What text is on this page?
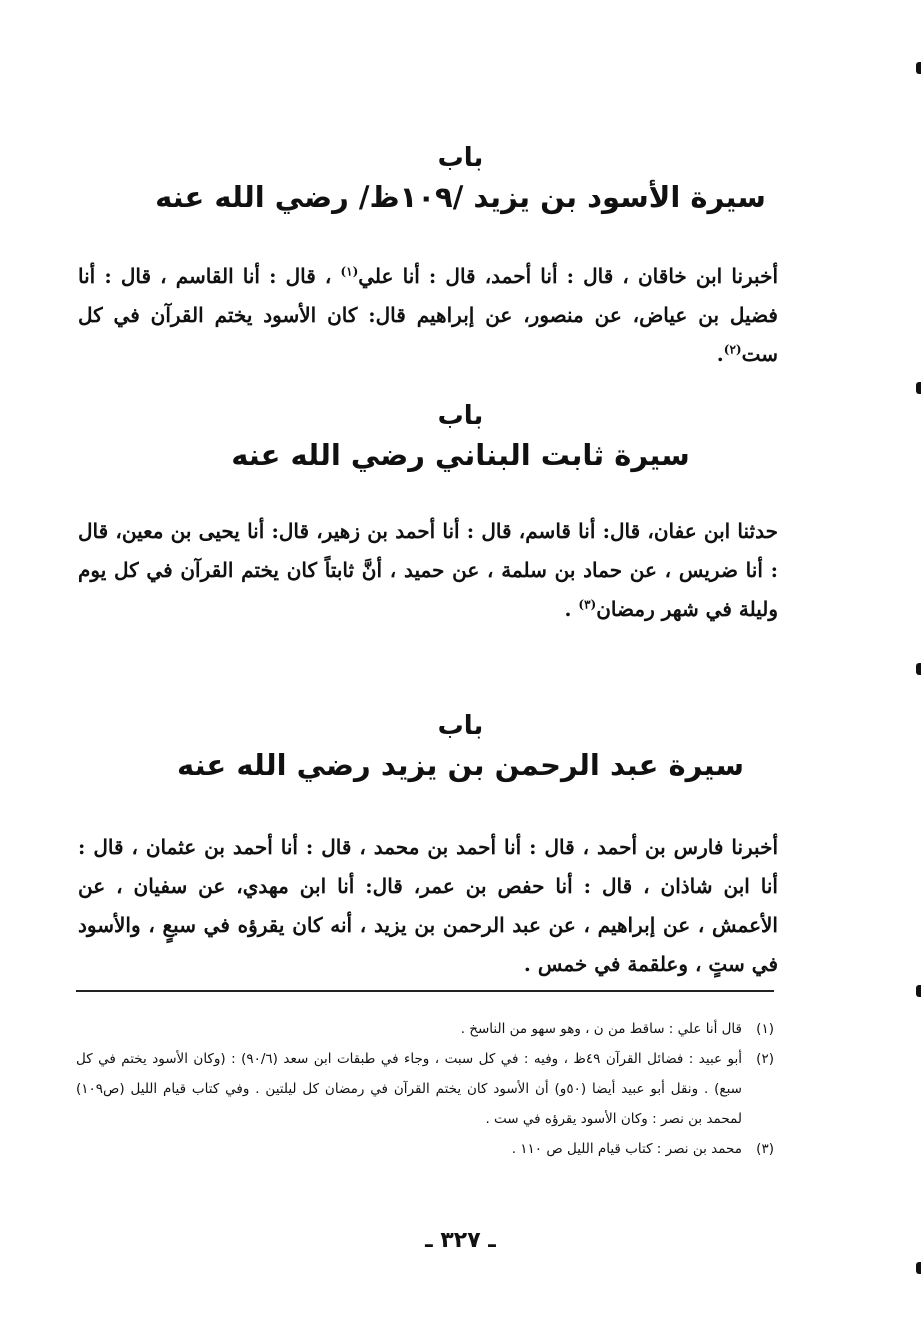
باب
سيرة الأسود بن يزيد /١٠٩ظ/ رضي الله عنه
أخبرنا ابن خاقان ، قال : أنا أحمد، قال : أنا علي$^{(١)}$ ، قال : أنا القاسم ، قال : أنا فضيل بن عياض، عن منصور، عن إبراهيم قال: كان الأسود يختم القرآن في كل ست$^{(٢)}$.
باب
سيرة ثابت البناني رضي الله عنه
حدثنا ابن عفان، قال: أنا قاسم، قال : أنا أحمد بن زهير، قال: أنا يحيى بن معين، قال : أنا ضريس ، عن حماد بن سلمة ، عن حميد ، أنَّ ثابتاً كان يختم القرآن في كل يوم وليلة في شهر رمضان$^{(٣)}$ .
باب
سيرة عبد الرحمن بن يزيد رضي الله عنه
أخبرنا فارس بن أحمد ، قال : أنا أحمد بن محمد ، قال : أنا أحمد بن عثمان ، قال : أنا ابن شاذان ، قال : أنا حفص بن عمر، قال: أنا ابن مهدي، عن سفيان ، عن الأعمش ، عن إبراهيم ، عن عبد الرحمن بن يزيد ، أنه كان يقرؤه في سبعٍ ، والأسود في ستٍ ، وعلقمة في خمس .
(١)
قال أنا علي : ساقط من ن ، وهو سهو من الناسخ .
(٢)
أبو عبيد : فضائل القرآن ٤٩ظ ، وفيه : في كل سبت ، وجاء في طبقات ابن سعد (٩٠/٦) : (وكان الأسود يختم في كل سبع) . ونقل أبو عبيد أيضا (٥٠و) أن الأسود كان يختم القرآن في رمضان كل ليلتين . وفي كتاب قيام الليل (ص١٠٩) لمحمد بن نصر : وكان الأسود يقرؤه في ست .
(٣)
محمد بن نصر : كتاب قيام الليل ص ١١٠ .
ـ ٣٢٧ ـ
